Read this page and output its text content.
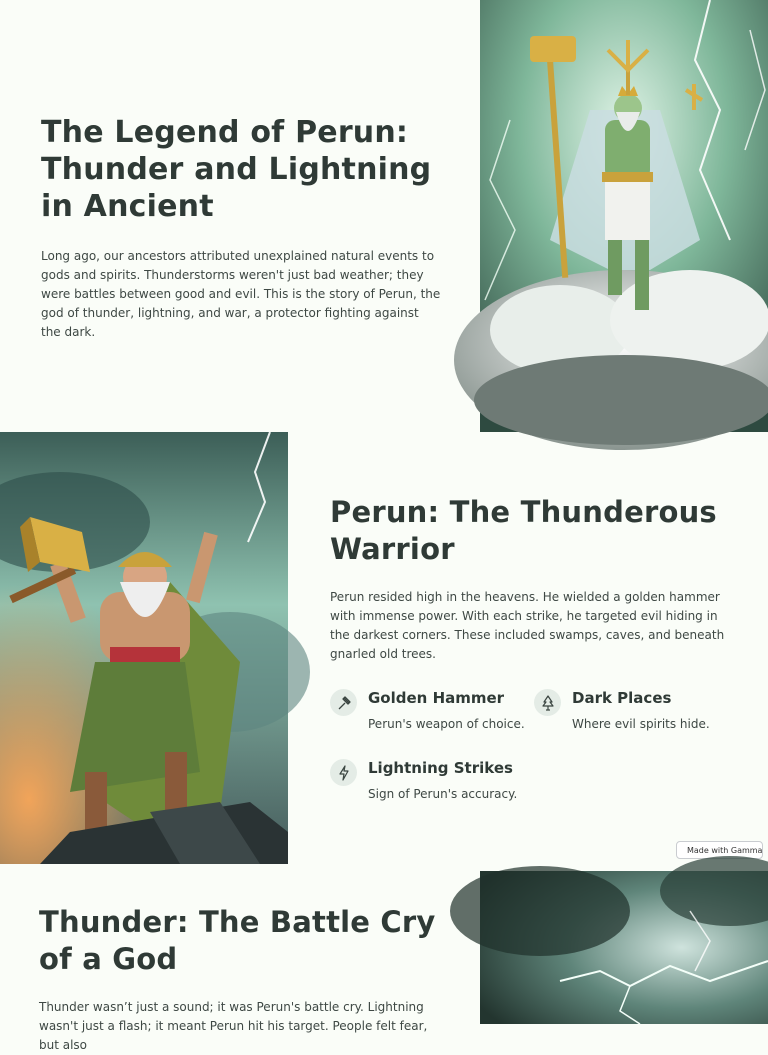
The Legend of Perun: Thunder and Lightning in Ancient

Long ago, our ancestors attributed unexplained natural events to gods and spirits. Thunderstorms weren't just bad weather; they were battles between good and evil. This is the story of Perun, the god of thunder, lightning, and war, a protector fighting against the dark.

Perun: The Thunderous Warrior

Perun resided high in the heavens. He wielded a golden hammer with immense power. With each strike, he targeted evil hiding in the darkest corners. These included swamps, caves, and beneath gnarled old trees.

Golden Hammer
Perun's weapon of choice.
Dark Places
Where evil spirits hide.
Lightning Strikes
Sign of Perun's accuracy.
Made with Gamma
Thunder: The Battle Cry of a God

Thunder wasn’t just a sound; it was Perun's battle cry. Lightning wasn't just a flash; it meant Perun hit his target. People felt fear, but also
